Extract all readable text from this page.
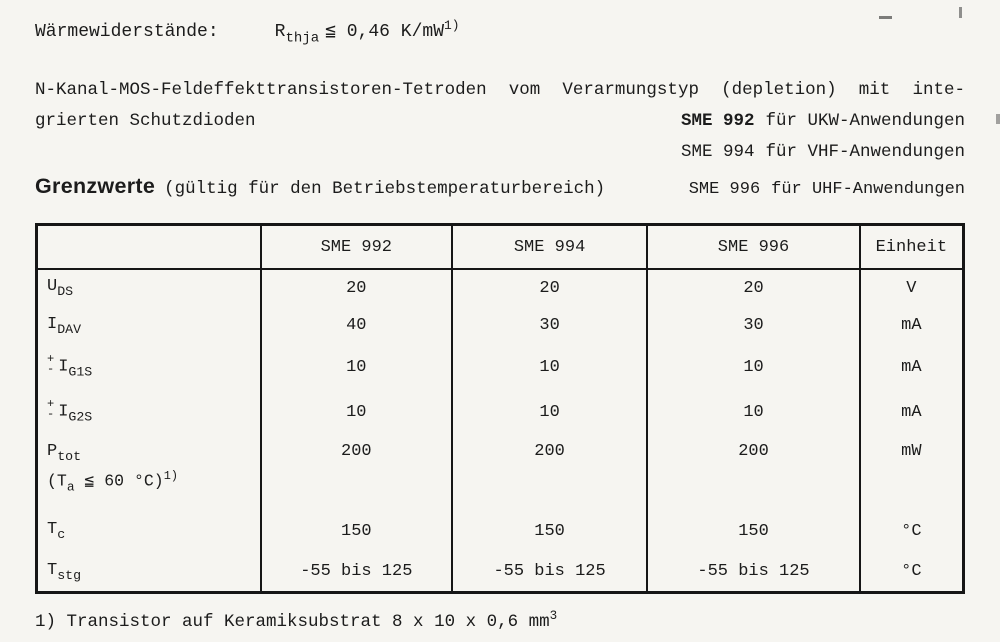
Wärmewiderstände:	$R_{thja}$ ≦ 0,46 $K/mW^{1)}$
N-Kanal-MOS-Feldeffekttransistoren-Tetroden vom Verarmungstyp (depletion) mit inte-
grierten Schutzdioden	SME 992 für UKW-Anwendungen
SME 994 für VHF-Anwendungen
Grenzwerte (gültig für den Betriebstemperaturbereich)	SME 996 für UHF-Anwendungen
	SME 992	SME 994	SME 996	Einheit
$U_{DS}$	20	20	20	V
$I_{DAV}$	40	30	30	mA

+
- $I_{G1S}$	10	10	10	mA

+
- $I_{G2S}$	10	10	10	mA

$P_{tot}$
($T_a$ ≦ 60 °C)$^{1)}$	200	200	200	mW
$T_c$	150	150	150	°C
$T_{stg}$	-55 bis 125	-55 bis 125	-55 bis 125	°C
1) Transistor auf Keramiksubstrat 8 x 10 x 0,6 $mm^3$
